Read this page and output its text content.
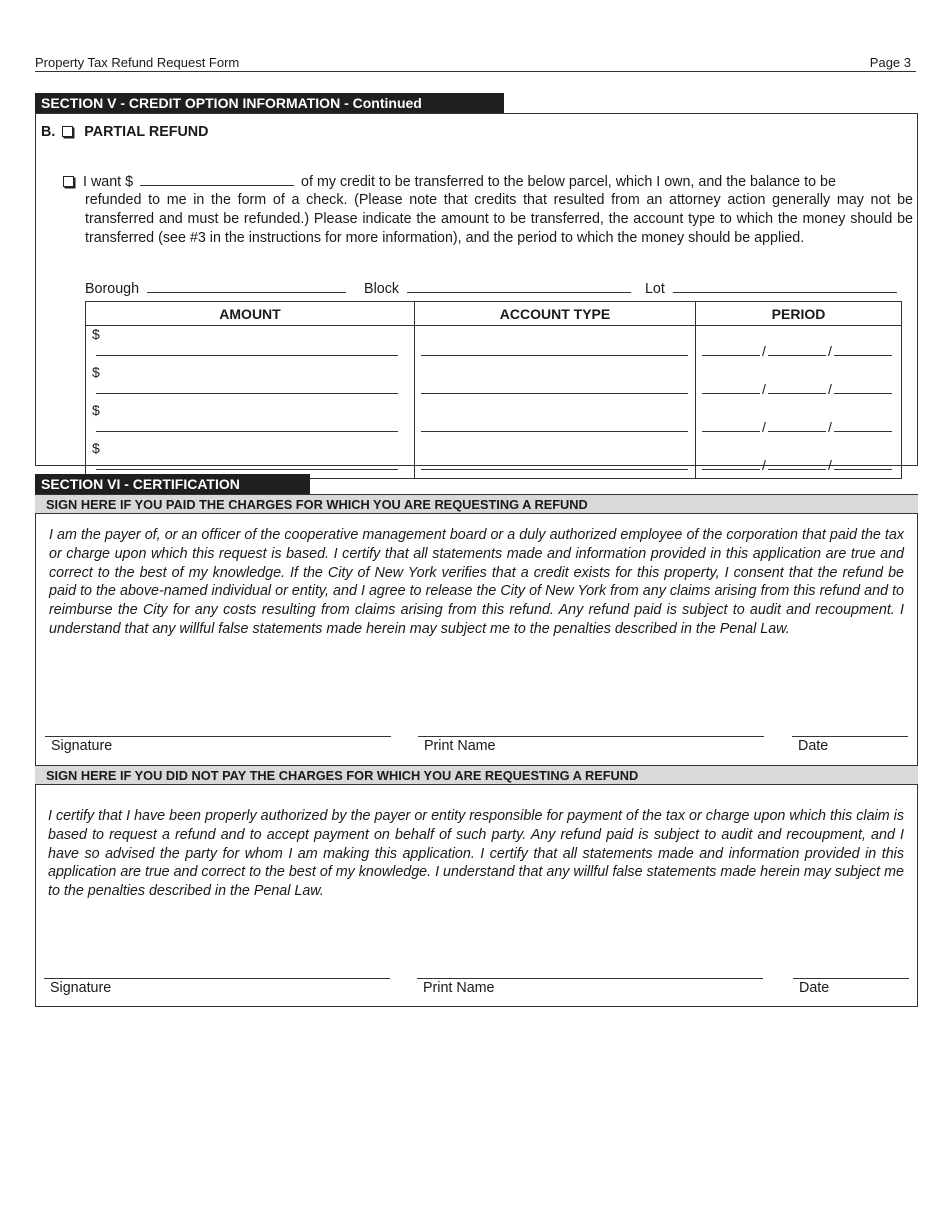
Property Tax Refund Request Form	Page 3
SECTION V - CREDIT OPTION INFORMATION - Continued
B. PARTIAL REFUND
I want $	of my credit to be transferred to the below parcel, which I own, and the balance to be
refunded to me in the form of a check. (Please note that credits that resulted from an attorney action generally may not be transferred and must be refunded.) Please indicate the amount to be transferred, the account type to which the money should be transferred (see #3 in the instructions for more information), and the period to which the money should be applied.
Borough	Block	Lot
AMOUNT	ACCOUNT TYPE	PERIOD
$		/ /
$		/ /
$		/ /
$		/ /
SECTION VI - CERTIFICATION
SIGN HERE IF YOU PAID THE CHARGES FOR WHICH YOU ARE REQUESTING A REFUND
I am the payer of, or an officer of the cooperative management board or a duly authorized employee of the corporation that paid the tax or charge upon which this request is based. I certify that all statements made and information provided in this application are true and correct to the best of my knowledge. If the City of New York verifies that a credit exists for this property, I consent that the refund be paid to the above-named individual or entity, and I agree to release the City of New York from any claims arising from this refund and to reimburse the City for any costs resulting from claims arising from this refund. Any refund paid is subject to audit and recoupment. I understand that any willful false statements made herein may subject me to the penalties described in the Penal Law.
Signature	Print Name	Date
SIGN HERE IF YOU DID NOT PAY THE CHARGES FOR WHICH YOU ARE REQUESTING A REFUND
I certify that I have been properly authorized by the payer or entity responsible for payment of the tax or charge upon which this claim is based to request a refund and to accept payment on behalf of such party. Any refund paid is subject to audit and recoupment, and I have so advised the party for whom I am making this application. I certify that all statements made and information provided in this application are true and correct to the best of my knowledge. I understand that any willful false statements made herein may subject me to the penalties described in the Penal Law.
Signature	Print Name	Date
